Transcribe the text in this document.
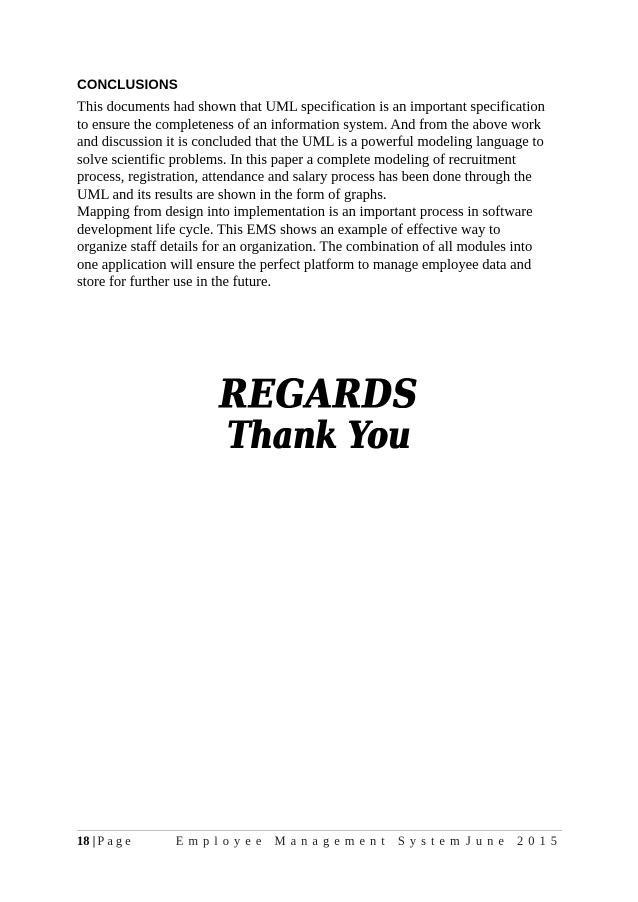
CONCLUSIONS

This documents had shown that UML specification is an important specification
to ensure the completeness of an information system. And from the above work
and discussion it is concluded that the UML is a powerful modeling language to
solve scientific problems. In this paper a complete modeling of recruitment
process, registration, attendance and salary process has been done through the
UML and its results are shown in the form of graphs.
Mapping from design into implementation is an important process in software
development life cycle. This EMS shows an example of effective way to
organize staff details for an organization. The combination of all modules into
one application will ensure the perfect platform to manage employee data and
store for further use in the future.

REGARDS
Thank You
18 | Page	Employee Management System June 2015
